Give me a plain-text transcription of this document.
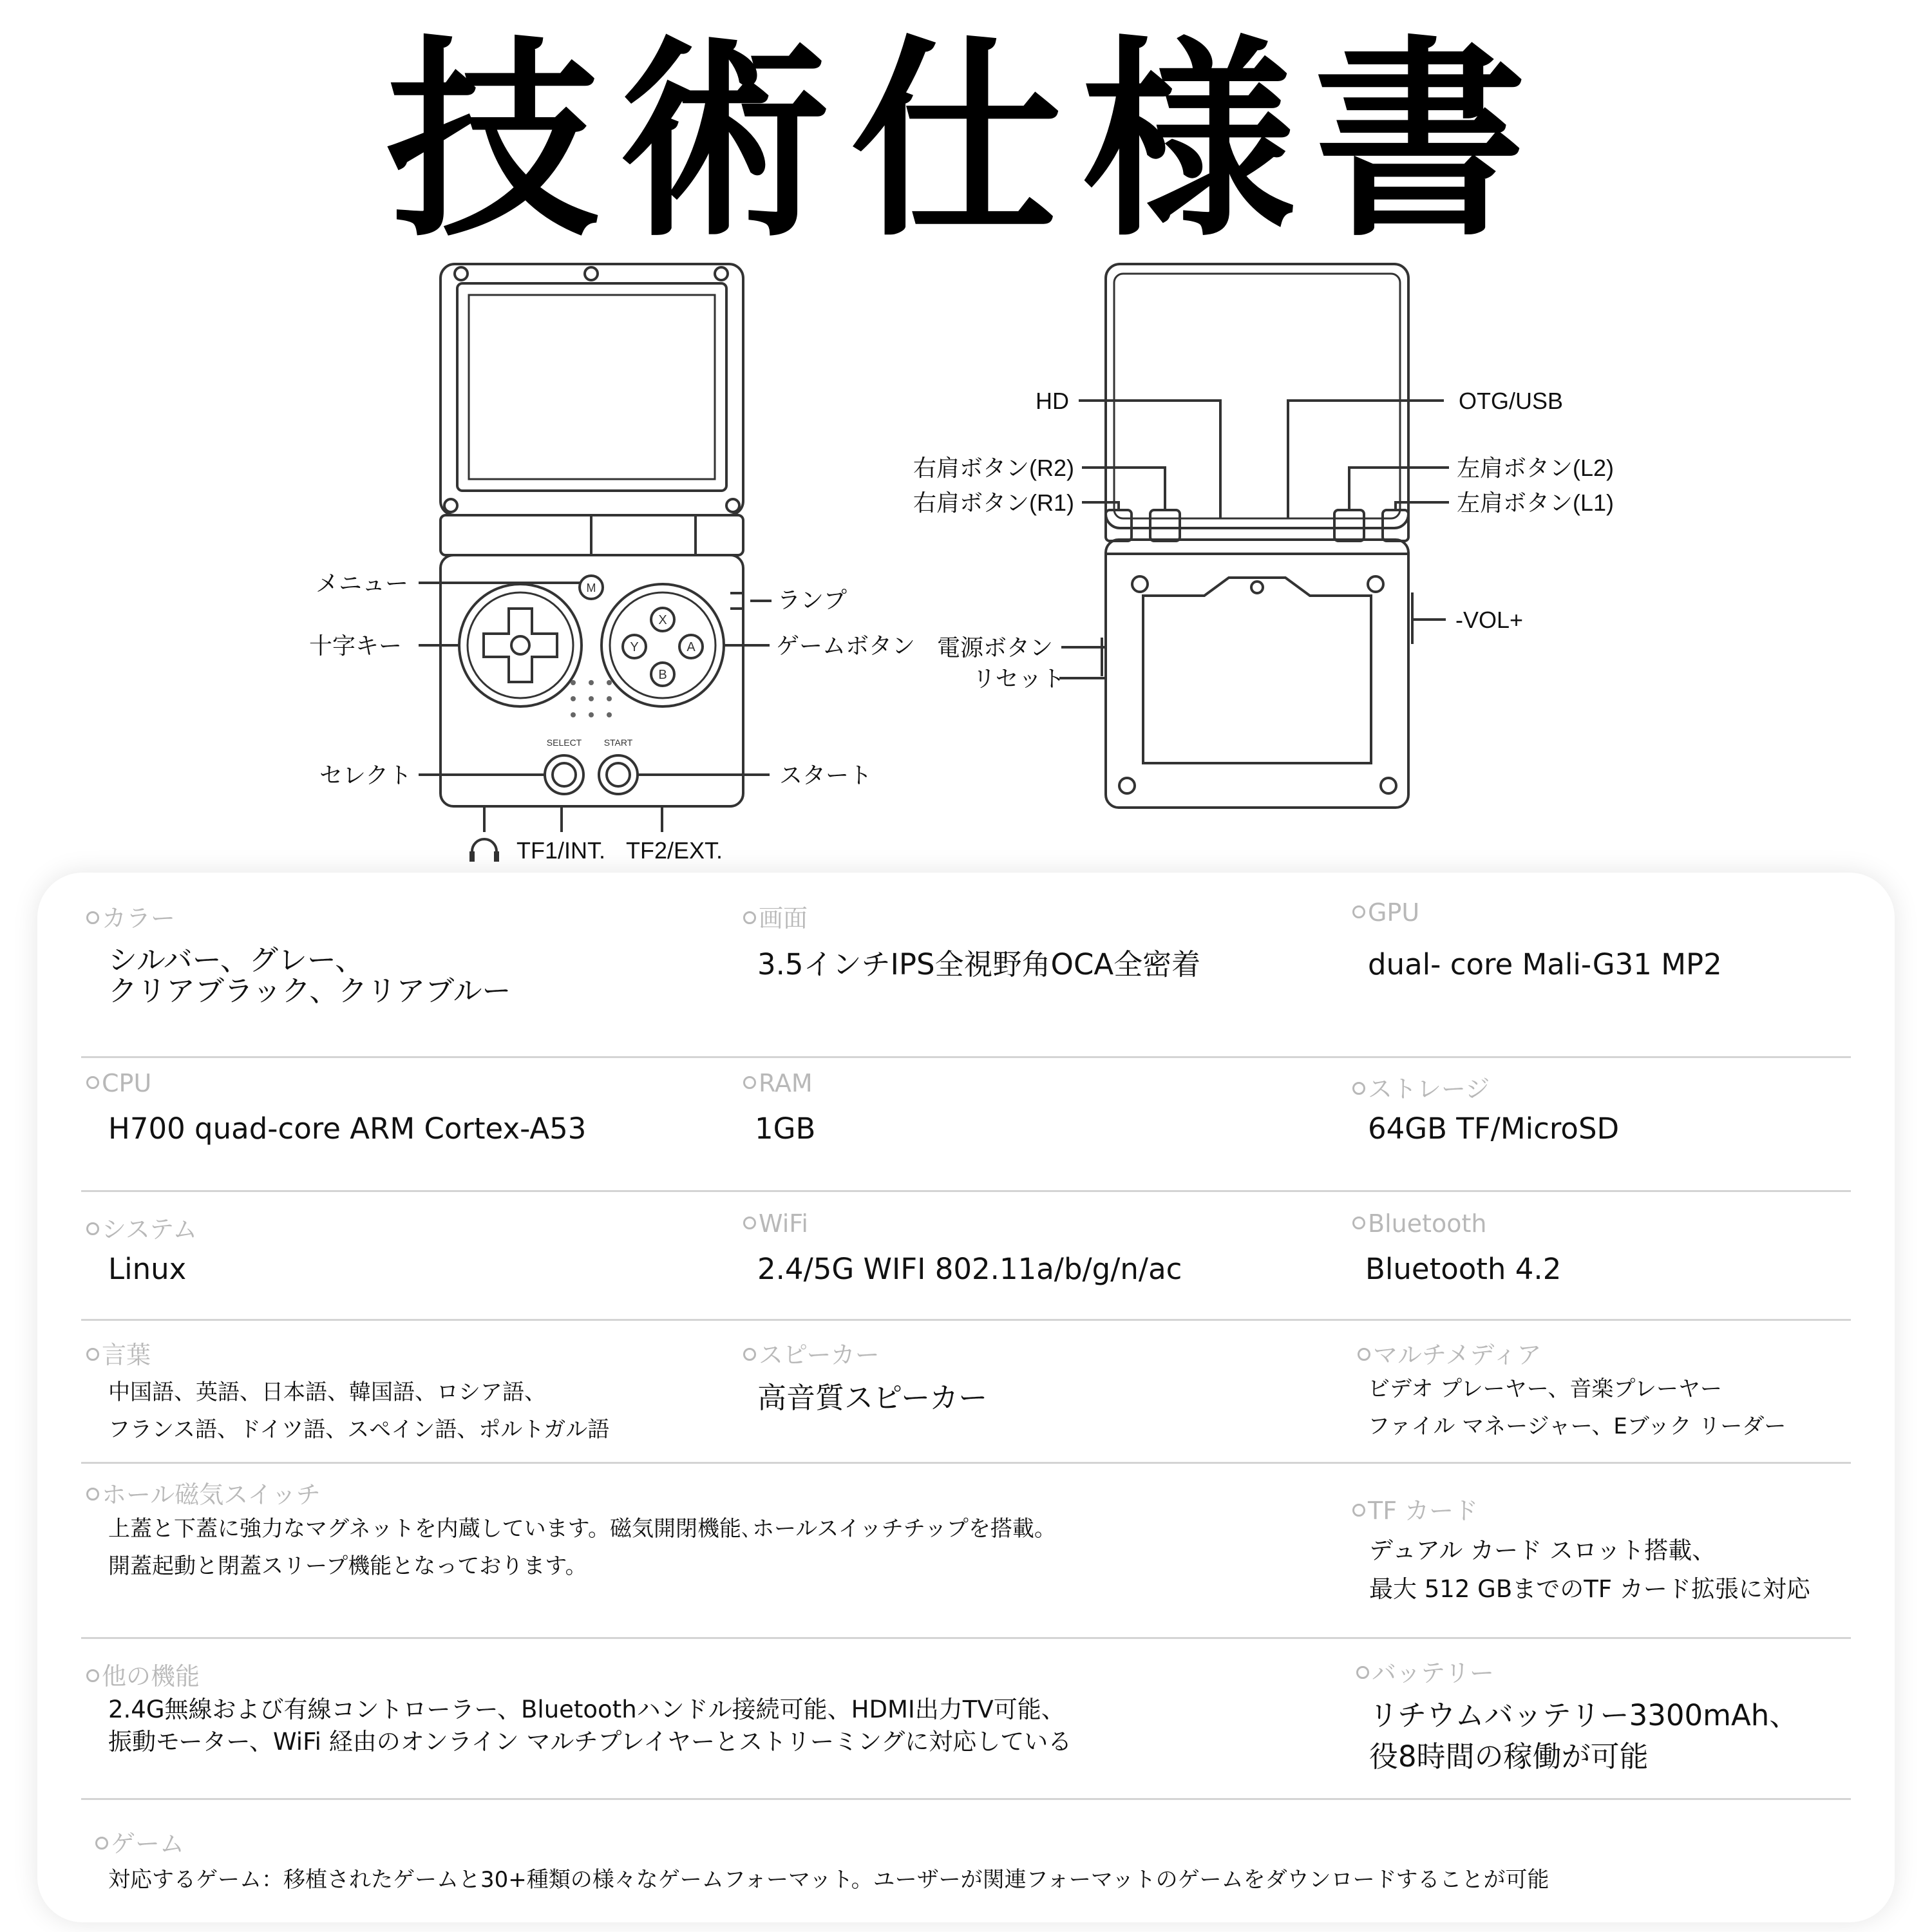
技術仕様書
X
Y	A
B
M
SELECT START
メニュー
十字キー
セレクト
ランプ
ゲームボタン
スタート
TF1/INT. TF2/EXT.
HD	OTG/USB
右肩ボタン(R2)
右肩ボタン(R1)
左肩ボタン(L2)
左肩ボタン(L1)
電源ボタン
リセット
-VOL+
カラー
シルバー、グレー、
クリアブラック、クリアブルー
画面
3.5インチIPS全視野角OCA全密着
GPU
dual- core Mali-G31 MP2
CPU
H700 quad-core ARM Cortex-A53
RAM
1GB
ストレージ
64GB TF/MicroSD
システム
Linux
WiFi
2.4/5G WIFI 802.11a/b/g/n/ac
Bluetooth
Bluetooth 4.2
言葉
中国語、英語、日本語、韓国語、ロシア語、
フランス語、ドイツ語、スペイン語、ポルトガル語
スピーカー
高音質スピーカー
マルチメディア
ビデオ プレーヤー、音楽プレーヤー
ファイル マネージャー、Eブック リーダー
ホール磁気スイッチ
上蓋と下蓋に強力なマグネットを内蔵しています。磁気開閉機能､ホールスイッチチップを搭載。
開蓋起動と閉蓋スリープ機能となっております。
TF カード
デュアル カード スロット搭載、
最大 512 GBまでのTF カード拡張に対応
他の機能
2.4G無線および有線コントローラー、Bluetoothハンドル接続可能、HDMI出力TV可能、
振動モーター、WiFi 経由のオンライン マルチプレイヤーとストリーミングに対応している
バッテリー
リチウムバッテリー3300mAh、
役8時間の稼働が可能
ゲーム
対応するゲーム：移植されたゲームと30+種類の様々なゲームフォーマット。ユーザーが関連フォーマットのゲームをダウンロードすることが可能
